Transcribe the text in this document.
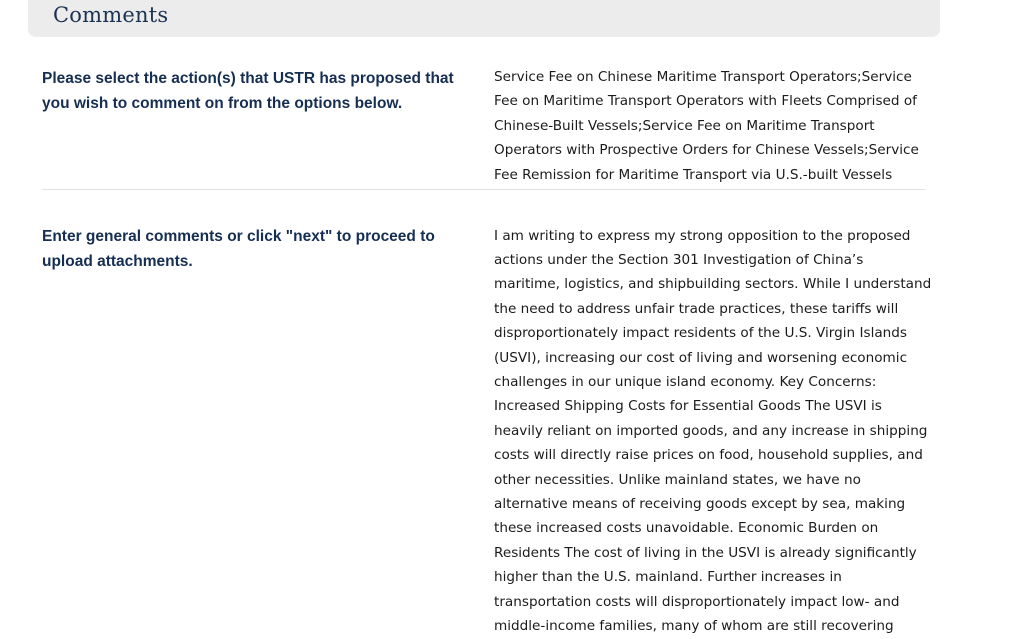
Comments

Please select the action(s) that USTR has proposed that you wish to comment on from the options below.

Service Fee on Chinese Maritime Transport Operators;Service Fee on Maritime Transport Operators with Fleets Comprised of Chinese-Built Vessels;Service Fee on Maritime Transport Operators with Prospective Orders for Chinese Vessels;Service Fee Remission for Maritime Transport via U.S.-built Vessels

Enter general comments or click "next" to proceed to upload attachments.

I am writing to express my strong opposition to the proposed actions under the Section 301 Investigation of China’s maritime, logistics, and shipbuilding sectors. While I understand the need to address unfair trade practices, these tariffs will disproportionately impact residents of the U.S. Virgin Islands (USVI), increasing our cost of living and worsening economic challenges in our unique island economy. Key Concerns: Increased Shipping Costs for Essential Goods The USVI is heavily reliant on imported goods, and any increase in shipping costs will directly raise prices on food, household supplies, and other necessities. Unlike mainland states, we have no alternative means of receiving goods except by sea, making these increased costs unavoidable. Economic Burden on Residents The cost of living in the USVI is already significantly higher than the U.S. mainland. Further increases in transportation costs will disproportionately impact low- and middle-income families, many of whom are still recovering
